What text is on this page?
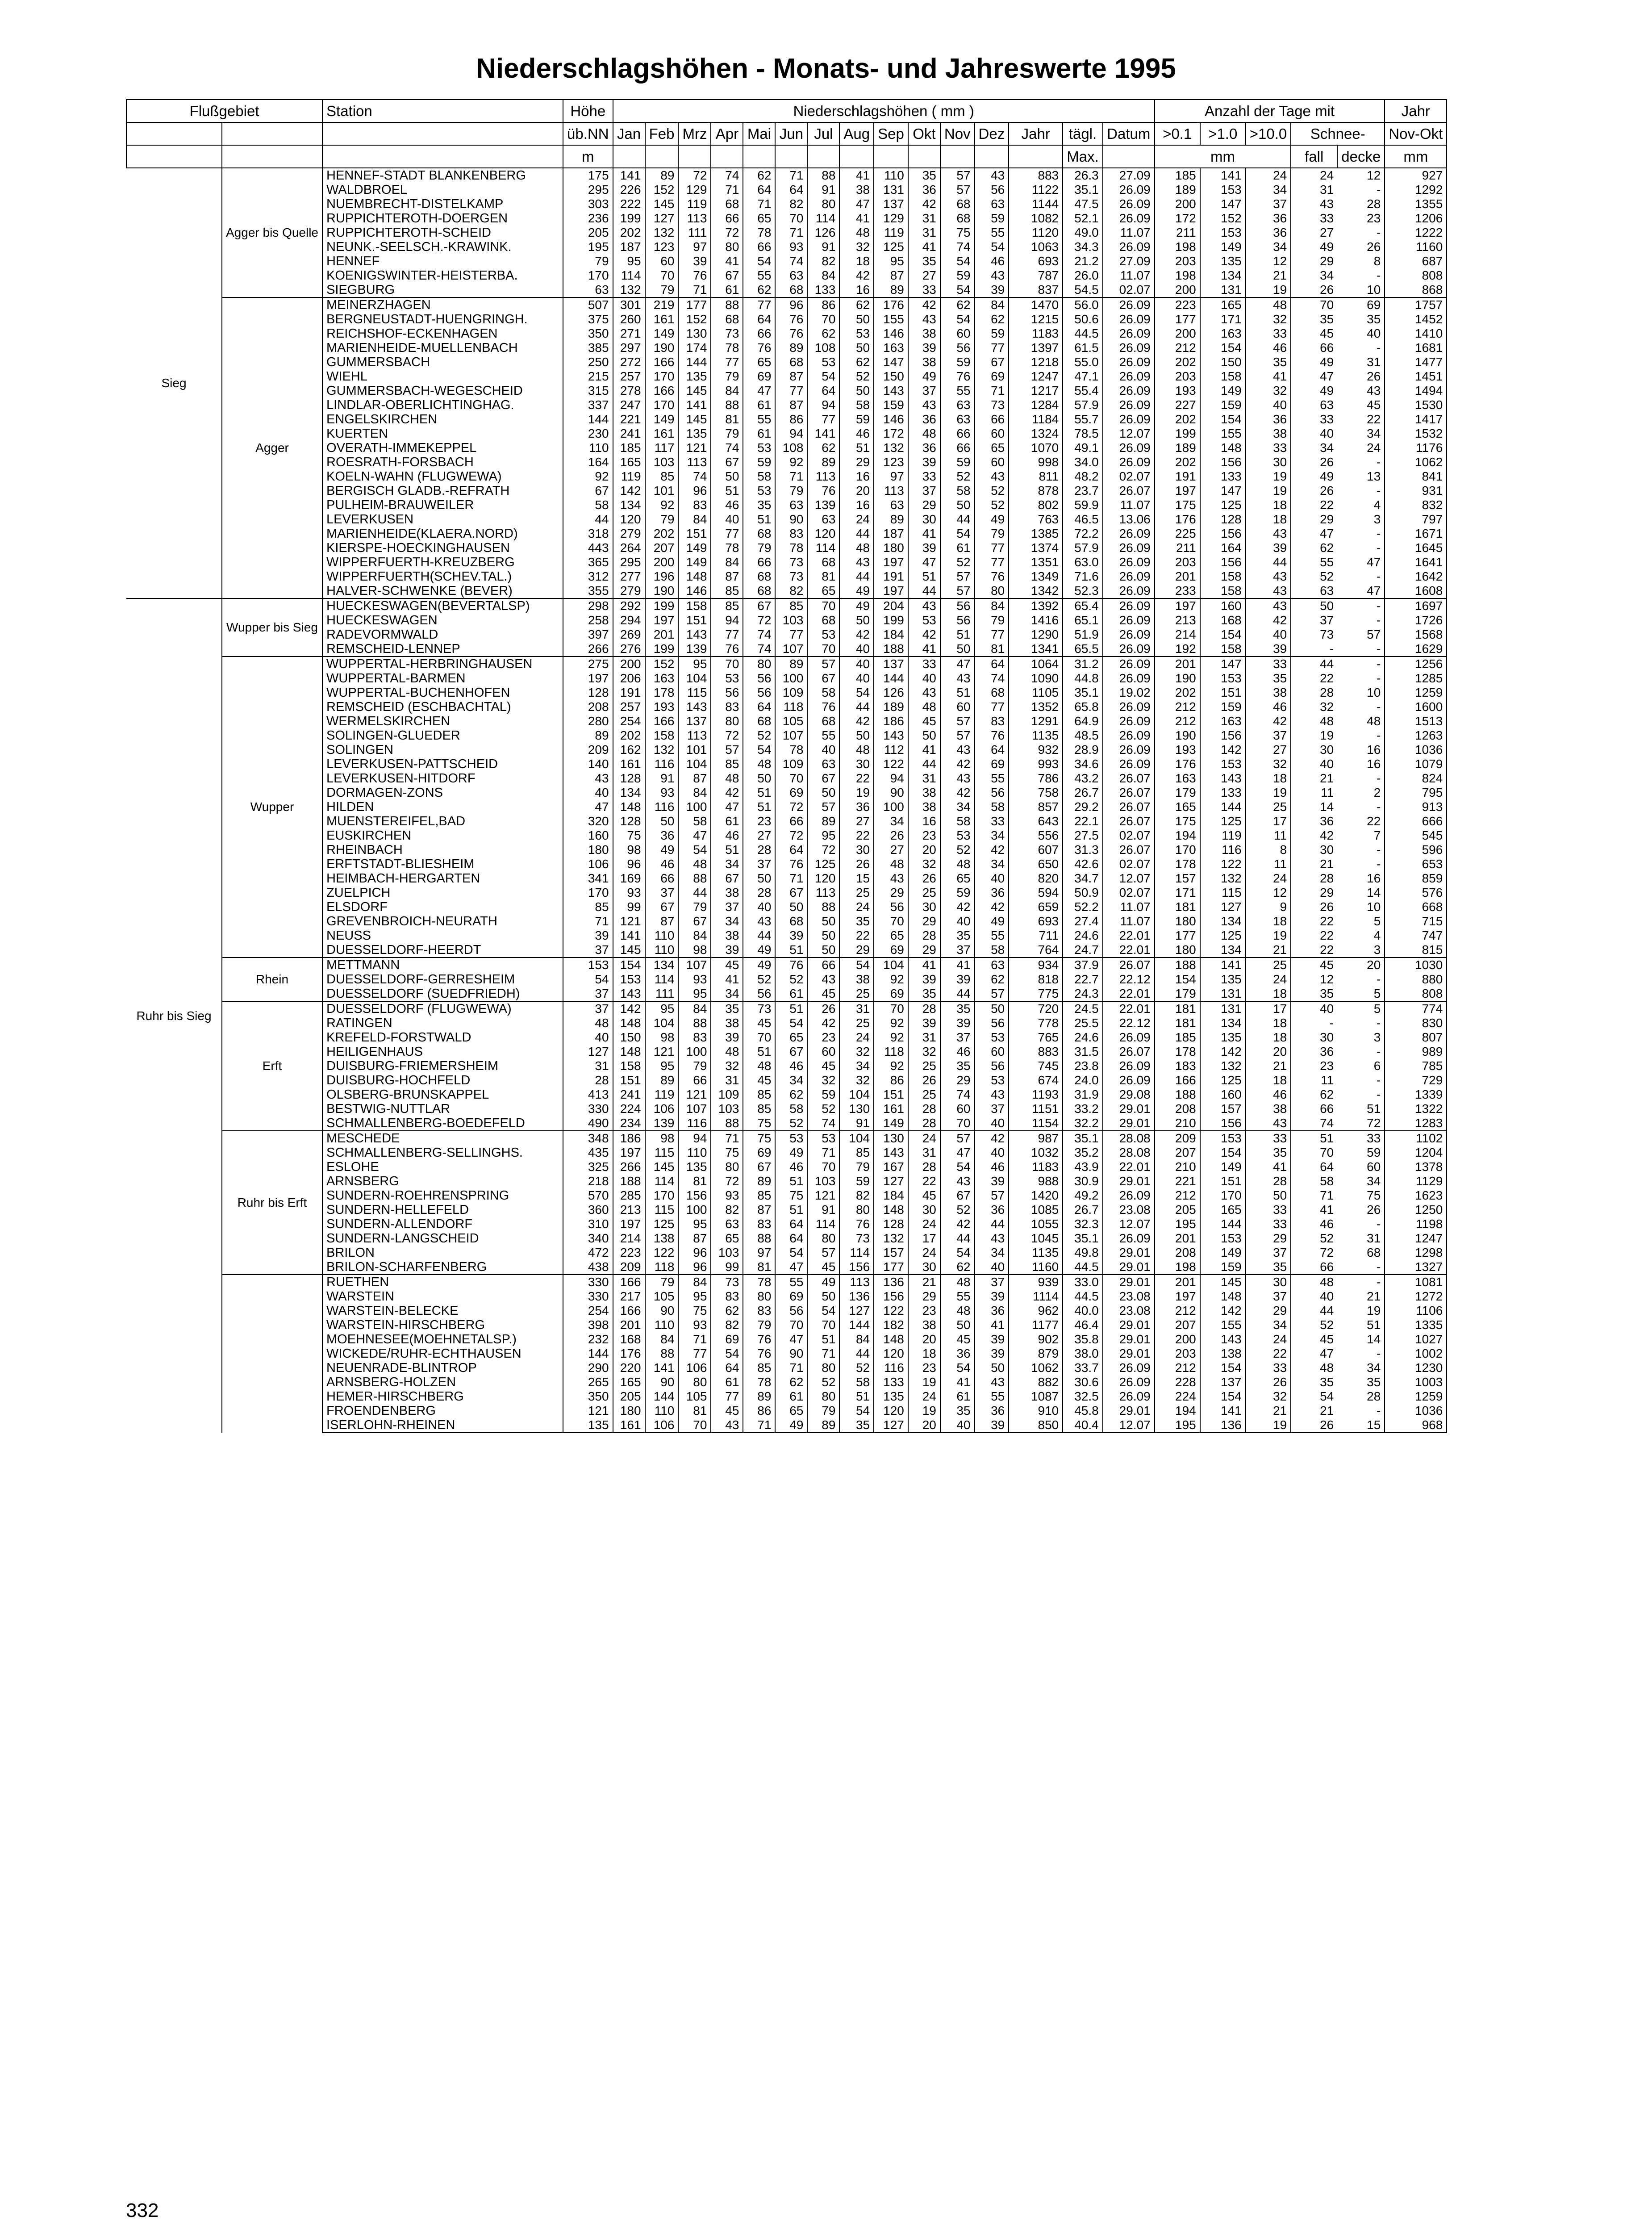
Niederschlagshöhen - Monats- und Jahreswerte 1995
Flußgebiet		Station	Höhe	Niederschlagshöhen ( mm )															Anzahl der Tage mit					Jahr
			üb.NN	Jan	Feb	Mrz	Apr	Mai	Jun	Jul	Aug	Sep	Okt	Nov	Dez	Jahr	tägl.	Datum	>0.1	>1.0	>10.0	Schnee-		Nov-Okt
			m														Max.		mm			fall	decke	mm
Sieg	Agger bis Quelle	HENNEF-STADT BLANKENBERG	175	141	89	72	74	62	71	88	41	110	35	57	43	883	26.3	27.09	185	141	24	24	12	927
		WALDBROEL	295	226	152	129	71	64	64	91	38	131	36	57	56	1122	35.1	26.09	189	153	34	31	-	1292
		NUEMBRECHT-DISTELKAMP	303	222	145	119	68	71	82	80	47	137	42	68	63	1144	47.5	26.09	200	147	37	43	28	1355
		RUPPICHTEROTH-DOERGEN	236	199	127	113	66	65	70	114	41	129	31	68	59	1082	52.1	26.09	172	152	36	33	23	1206
		RUPPICHTEROTH-SCHEID	205	202	132	111	72	78	71	126	48	119	31	75	55	1120	49.0	11.07	211	153	36	27	-	1222
		NEUNK.-SEELSCH.-KRAWINK.	195	187	123	97	80	66	93	91	32	125	41	74	54	1063	34.3	26.09	198	149	34	49	26	1160
		HENNEF	79	95	60	39	41	54	74	82	18	95	35	54	46	693	21.2	27.09	203	135	12	29	8	687
		KOENIGSWINTER-HEISTERBA.	170	114	70	76	67	55	63	84	42	87	27	59	43	787	26.0	11.07	198	134	21	34	-	808
		SIEGBURG	63	132	79	71	61	62	68	133	16	89	33	54	39	837	54.5	02.07	200	131	19	26	10	868
	Agger	MEINERZHAGEN	507	301	219	177	88	77	96	86	62	176	42	62	84	1470	56.0	26.09	223	165	48	70	69	1757
		BERGNEUSTADT-HUENGRINGH.	375	260	161	152	68	64	76	70	50	155	43	54	62	1215	50.6	26.09	177	171	32	35	35	1452
		REICHSHOF-ECKENHAGEN	350	271	149	130	73	66	76	62	53	146	38	60	59	1183	44.5	26.09	200	163	33	45	40	1410
		MARIENHEIDE-MUELLENBACH	385	297	190	174	78	76	89	108	50	163	39	56	77	1397	61.5	26.09	212	154	46	66	-	1681
		GUMMERSBACH	250	272	166	144	77	65	68	53	62	147	38	59	67	1218	55.0	26.09	202	150	35	49	31	1477
		WIEHL	215	257	170	135	79	69	87	54	52	150	49	76	69	1247	47.1	26.09	203	158	41	47	26	1451
		GUMMERSBACH-WEGESCHEID	315	278	166	145	84	47	77	64	50	143	37	55	71	1217	55.4	26.09	193	149	32	49	43	1494
		LINDLAR-OBERLICHTINGHAG.	337	247	170	141	88	61	87	94	58	159	43	63	73	1284	57.9	26.09	227	159	40	63	45	1530
		ENGELSKIRCHEN	144	221	149	145	81	55	86	77	59	146	36	63	66	1184	55.7	26.09	202	154	36	33	22	1417
		KUERTEN	230	241	161	135	79	61	94	141	46	172	48	66	60	1324	78.5	12.07	199	155	38	40	34	1532
		OVERATH-IMMEKEPPEL	110	185	117	121	74	53	108	62	51	132	36	66	65	1070	49.1	26.09	189	148	33	34	24	1176
		ROESRATH-FORSBACH	164	165	103	113	67	59	92	89	29	123	39	59	60	998	34.0	26.09	202	156	30	26	-	1062
		KOELN-WAHN (FLUGWEWA)	92	119	85	74	50	58	71	113	16	97	33	52	43	811	48.2	02.07	191	133	19	49	13	841
		BERGISCH GLADB.-REFRATH	67	142	101	96	51	53	79	76	20	113	37	58	52	878	23.7	26.07	197	147	19	26	-	931
		PULHEIM-BRAUWEILER	58	134	92	83	46	35	63	139	16	63	29	50	52	802	59.9	11.07	175	125	18	22	4	832
		LEVERKUSEN	44	120	79	84	40	51	90	63	24	89	30	44	49	763	46.5	13.06	176	128	18	29	3	797
		MARIENHEIDE(KLAERA.NORD)	318	279	202	151	77	68	83	120	44	187	41	54	79	1385	72.2	26.09	225	156	43	47	-	1671
		KIERSPE-HOECKINGHAUSEN	443	264	207	149	78	79	78	114	48	180	39	61	77	1374	57.9	26.09	211	164	39	62	-	1645
		WIPPERFUERTH-KREUZBERG	365	295	200	149	84	66	73	68	43	197	47	52	77	1351	63.0	26.09	203	156	44	55	47	1641
		WIPPERFUERTH(SCHEV.TAL.)	312	277	196	148	87	68	73	81	44	191	51	57	76	1349	71.6	26.09	201	158	43	52	-	1642
		HALVER-SCHWENKE (BEVER)	355	279	190	146	85	68	82	65	49	197	44	57	80	1342	52.3	26.09	233	158	43	63	47	1608
Ruhr bis Sieg	Wupper bis Sieg	HUECKESWAGEN(BEVERTALSP)	298	292	199	158	85	67	85	70	49	204	43	56	84	1392	65.4	26.09	197	160	43	50	-	1697
		HUECKESWAGEN	258	294	197	151	94	72	103	68	50	199	53	56	79	1416	65.1	26.09	213	168	42	37	-	1726
		RADEVORMWALD	397	269	201	143	77	74	77	53	42	184	42	51	77	1290	51.9	26.09	214	154	40	73	57	1568
		REMSCHEID-LENNEP	266	276	199	139	76	74	107	70	40	188	41	50	81	1341	65.5	26.09	192	158	39	-	-	1629
	Wupper	WUPPERTAL-HERBRINGHAUSEN	275	200	152	95	70	80	89	57	40	137	33	47	64	1064	31.2	26.09	201	147	33	44	-	1256
		WUPPERTAL-BARMEN	197	206	163	104	53	56	100	67	40	144	40	43	74	1090	44.8	26.09	190	153	35	22	-	1285
		WUPPERTAL-BUCHENHOFEN	128	191	178	115	56	56	109	58	54	126	43	51	68	1105	35.1	19.02	202	151	38	28	10	1259
		REMSCHEID (ESCHBACHTAL)	208	257	193	143	83	64	118	76	44	189	48	60	77	1352	65.8	26.09	212	159	46	32	-	1600
		WERMELSKIRCHEN	280	254	166	137	80	68	105	68	42	186	45	57	83	1291	64.9	26.09	212	163	42	48	48	1513
		SOLINGEN-GLUEDER	89	202	158	113	72	52	107	55	50	143	50	57	76	1135	48.5	26.09	190	156	37	19	-	1263
		SOLINGEN	209	162	132	101	57	54	78	40	48	112	41	43	64	932	28.9	26.09	193	142	27	30	16	1036
		LEVERKUSEN-PATTSCHEID	140	161	116	104	85	48	109	63	30	122	44	42	69	993	34.6	26.09	176	153	32	40	16	1079
		LEVERKUSEN-HITDORF	43	128	91	87	48	50	70	67	22	94	31	43	55	786	43.2	26.07	163	143	18	21	-	824
		DORMAGEN-ZONS	40	134	93	84	42	51	69	50	19	90	38	42	56	758	26.7	26.07	179	133	19	11	2	795
		HILDEN	47	148	116	100	47	51	72	57	36	100	38	34	58	857	29.2	26.07	165	144	25	14	-	913
		MUENSTEREIFEL,BAD	320	128	50	58	61	23	66	89	27	34	16	58	33	643	22.1	26.07	175	125	17	36	22	666
		EUSKIRCHEN	160	75	36	47	46	27	72	95	22	26	23	53	34	556	27.5	02.07	194	119	11	42	7	545
		RHEINBACH	180	98	49	54	51	28	64	72	30	27	20	52	42	607	31.3	26.07	170	116	8	30	-	596
		ERFTSTADT-BLIESHEIM	106	96	46	48	34	37	76	125	26	48	32	48	34	650	42.6	02.07	178	122	11	21	-	653
		HEIMBACH-HERGARTEN	341	169	66	88	67	50	71	120	15	43	26	65	40	820	34.7	12.07	157	132	24	28	16	859
		ZUELPICH	170	93	37	44	38	28	67	113	25	29	25	59	36	594	50.9	02.07	171	115	12	29	14	576
		ELSDORF	85	99	67	79	37	40	50	88	24	56	30	42	42	659	52.2	11.07	181	127	9	26	10	668
		GREVENBROICH-NEURATH	71	121	87	67	34	43	68	50	35	70	29	40	49	693	27.4	11.07	180	134	18	22	5	715
		NEUSS	39	141	110	84	38	44	39	50	22	65	28	35	55	711	24.6	22.01	177	125	19	22	4	747
		DUESSELDORF-HEERDT	37	145	110	98	39	49	51	50	29	69	29	37	58	764	24.7	22.01	180	134	21	22	3	815
	Rhein	METTMANN	153	154	134	107	45	49	76	66	54	104	41	41	63	934	37.9	26.07	188	141	25	45	20	1030
		DUESSELDORF-GERRESHEIM	54	153	114	93	41	52	52	43	38	92	39	39	62	818	22.7	22.12	154	135	24	12	-	880
		DUESSELDORF (SUEDFRIEDH)	37	143	111	95	34	56	61	45	25	69	35	44	57	775	24.3	22.01	179	131	18	35	5	808
	Erft	DUESSELDORF (FLUGWEWA)	37	142	95	84	35	73	51	26	31	70	28	35	50	720	24.5	22.01	181	131	17	40	5	774
		RATINGEN	48	148	104	88	38	45	54	42	25	92	39	39	56	778	25.5	22.12	181	134	18	-	-	830
		KREFELD-FORSTWALD	40	150	98	83	39	70	65	23	24	92	31	37	53	765	24.6	26.09	185	135	18	30	3	807
		HEILIGENHAUS	127	148	121	100	48	51	67	60	32	118	32	46	60	883	31.5	26.07	178	142	20	36	-	989
		DUISBURG-FRIEMERSHEIM	31	158	95	79	32	48	46	45	34	92	25	35	56	745	23.8	26.09	183	132	21	23	6	785
		DUISBURG-HOCHFELD	28	151	89	66	31	45	34	32	32	86	26	29	53	674	24.0	26.09	166	125	18	11	-	729
		OLSBERG-BRUNSKAPPEL	413	241	119	121	109	85	62	59	104	151	25	74	43	1193	31.9	29.08	188	160	46	62	-	1339
		BESTWIG-NUTTLAR	330	224	106	107	103	85	58	52	130	161	28	60	37	1151	33.2	29.01	208	157	38	66	51	1322
		SCHMALLENBERG-BOEDEFELD	490	234	139	116	88	75	52	74	91	149	28	70	40	1154	32.2	29.01	210	156	43	74	72	1283
	Ruhr bis Erft	MESCHEDE	348	186	98	94	71	75	53	53	104	130	24	57	42	987	35.1	28.08	209	153	33	51	33	1102
		SCHMALLENBERG-SELLINGHS.	435	197	115	110	75	69	49	71	85	143	31	47	40	1032	35.2	28.08	207	154	35	70	59	1204
		ESLOHE	325	266	145	135	80	67	46	70	79	167	28	54	46	1183	43.9	22.01	210	149	41	64	60	1378
		ARNSBERG	218	188	114	81	72	89	51	103	59	127	22	43	39	988	30.9	29.01	221	151	28	58	34	1129
		SUNDERN-ROEHRENSPRING	570	285	170	156	93	85	75	121	82	184	45	67	57	1420	49.2	26.09	212	170	50	71	75	1623
		SUNDERN-HELLEFELD	360	213	115	100	82	87	51	91	80	148	30	52	36	1085	26.7	23.08	205	165	33	41	26	1250
		SUNDERN-ALLENDORF	310	197	125	95	63	83	64	114	76	128	24	42	44	1055	32.3	12.07	195	144	33	46	-	1198
		SUNDERN-LANGSCHEID	340	214	138	87	65	88	64	80	73	132	17	44	43	1045	35.1	26.09	201	153	29	52	31	1247
		BRILON	472	223	122	96	103	97	54	57	114	157	24	54	34	1135	49.8	29.01	208	149	37	72	68	1298
		BRILON-SCHARFENBERG	438	209	118	96	99	81	47	45	156	177	30	62	40	1160	44.5	29.01	198	159	35	66	-	1327
		RUETHEN	330	166	79	84	73	78	55	49	113	136	21	48	37	939	33.0	29.01	201	145	30	48	-	1081
		WARSTEIN	330	217	105	95	83	80	69	50	136	156	29	55	39	1114	44.5	23.08	197	148	37	40	21	1272
		WARSTEIN-BELECKE	254	166	90	75	62	83	56	54	127	122	23	48	36	962	40.0	23.08	212	142	29	44	19	1106
		WARSTEIN-HIRSCHBERG	398	201	110	93	82	79	70	70	144	182	38	50	41	1177	46.4	29.01	207	155	34	52	51	1335
		MOEHNESEE(MOEHNETALSP.)	232	168	84	71	69	76	47	51	84	148	20	45	39	902	35.8	29.01	200	143	24	45	14	1027
		WICKEDE/RUHR-ECHTHAUSEN	144	176	88	77	54	76	90	71	44	120	18	36	39	879	38.0	29.01	203	138	22	47	-	1002
		NEUENRADE-BLINTROP	290	220	141	106	64	85	71	80	52	116	23	54	50	1062	33.7	26.09	212	154	33	48	34	1230
		ARNSBERG-HOLZEN	265	165	90	80	61	78	62	52	58	133	19	41	43	882	30.6	26.09	228	137	26	35	35	1003
		HEMER-HIRSCHBERG	350	205	144	105	77	89	61	80	51	135	24	61	55	1087	32.5	26.09	224	154	32	54	28	1259
		FROENDENBERG	121	180	110	81	45	86	65	79	54	120	19	35	36	910	45.8	29.01	194	141	21	21	-	1036
		ISERLOHN-RHEINEN	135	161	106	70	43	71	49	89	35	127	20	40	39	850	40.4	12.07	195	136	19	26	15	968
332
